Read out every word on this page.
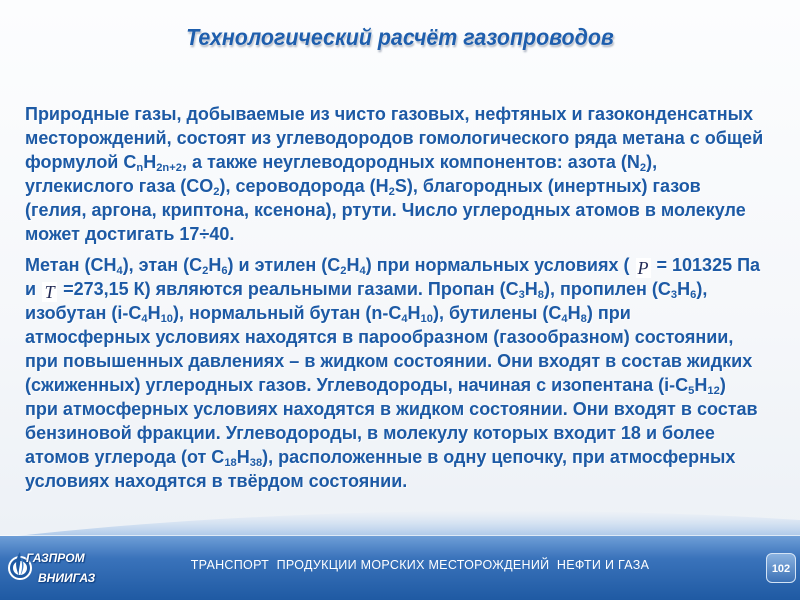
Технологический расчёт газопроводов
Природные газы, добываемые из чисто газовых, нефтяных и газоконденсатных
месторождений, состоят из углеводородов гомологического ряда метана с общей
формулой $C_nH_{2n+2}$, а также неуглеводородных компонентов: азота $(N_2)$,
углекислого газа $(CO_2)$, сероводорода $(H_2S)$, благородных (инертных) газов
(гелия, аргона, криптона, ксенона), ртути. Число углеродных атомов в молекуле
может достигать 17÷40.
Метан $(CH_4)$, этан $(C_2H_6)$ и этилен $(C_2H_4)$ при нормальных условиях ( P = 101325 Па
и T =273,15 К) являются реальными газами. Пропан $(C_3H_8)$, пропилен $(C_3H_6)$,
изобутан $(i-C_4H_{10})$, нормальный бутан $(n-C_4H_{10})$, бутилены $(C_4H_8)$ при
атмосферных условиях находятся в парообразном (газообразном) состоянии,
при повышенных давлениях – в жидком состоянии. Они входят в состав жидких
(сжиженных) углеродных газов. Углеводороды, начиная с изопентана $(i-C_5H_{12})$
при атмосферных условиях находятся в жидком состоянии. Они входят в состав
бензиновой фракции. Углеводороды, в молекулу которых входит 18 и более
атомов углерода (от $C_{18}H_{38}$), расположенные в одну цепочку, при атмосферных
условиях находятся в твёрдом состоянии.
ГАЗПРОМ
ВНИИГАЗ
ТРАНСПОРТ  ПРОДУКЦИИ МОРСКИХ МЕСТОРОЖДЕНИЙ  НЕФТИ И ГАЗА	102
